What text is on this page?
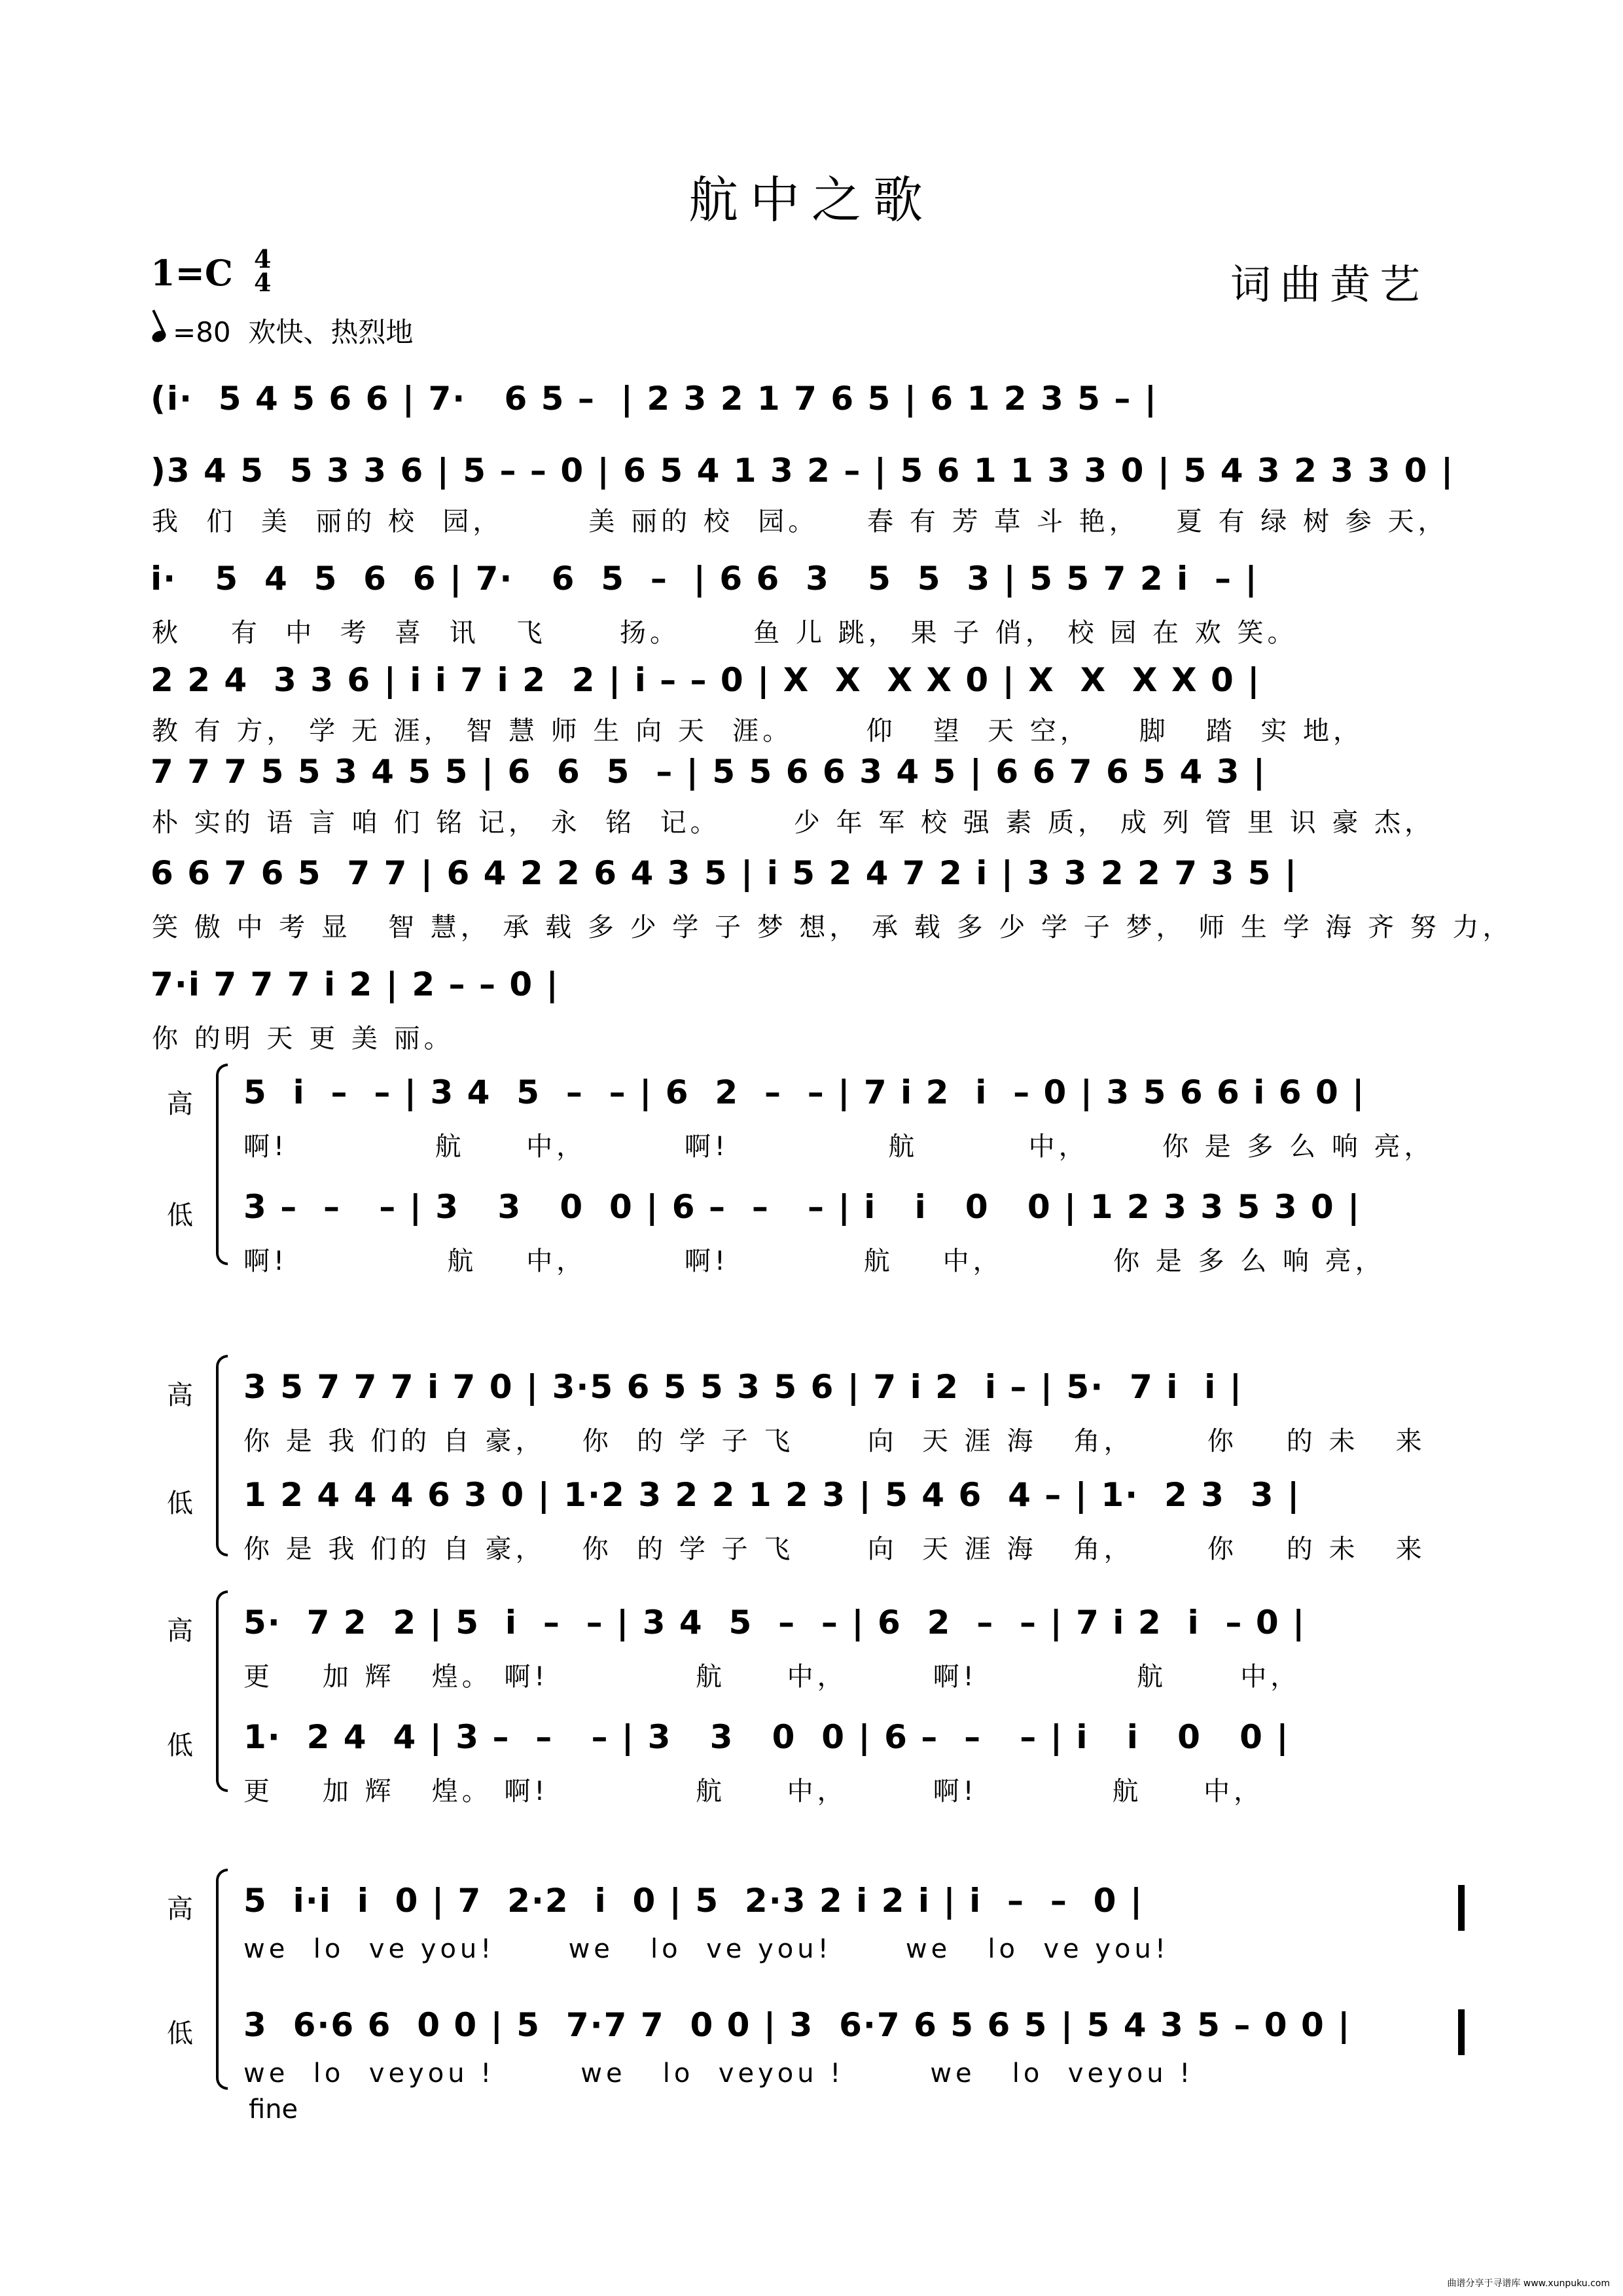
航中之歌
1=C 4
4	词曲黄艺
=80 欢快、热烈地
(i·  5 4 5 6 6 | 7·   6 5 –  | 2 3 2 1 7 6 5 | 6 1 2 3 5 – |
)3 4 5  5 3 3 6 | 5 – – 0 | 6 5 4 1 3 2 – | 5 6 1 1 3 3 0 | 5 4 3 2 3 3 0 |
我  们  美  丽的 校  园，       美 丽的 校  园。    春 有 芳 草 斗 艳，   夏 有 绿 树 参 天，
i·   5  4  5  6  6 | 7·   6  5  –  | 6 6  3   5  5  3 | 5 5 7 2 i  – |
秋    有  中  考  喜  讯   飞      扬。      鱼 儿 跳， 果 子 俏， 校 园 在 欢 笑。
2 2 4  3 3 6 | i i 7 i 2  2 | i – – 0 | X  X  X X 0 | X  X  X X 0 |
教 有 方， 学 无 涯， 智 慧 师 生 向 天  涯。      仰   望  天 空，    脚   踏  实 地，
7 7 7 5 5 3 4 5 5 | 6  6  5  – | 5 5 6 6 3 4 5 | 6 6 7 6 5 4 3 |
朴 实的 语 言 咱 们 铭 记， 永  铭  记。      少 年 军 校 强 素 质， 成 列 管 里 识 豪 杰，
6 6 7 6 5  7 7 | 6 4 2 2 6 4 3 5 | i 5 2 4 7 2 i | 3 3 2 2 7 3 5 |
笑 傲 中 考 显   智 慧， 承 载 多 少 学 子 梦 想， 承 载 多 少 学 子 梦， 师 生 学 海 齐 努 力，
7·i 7 7 7 i 2 | 2 – – 0 |
你 的明 天 更 美 丽。
高
低
5  i  –  – | 3 4  5  –  – | 6  2  –  – | 7 i 2  i  – 0 | 3 5 6 6 i 6 0 |
啊!            航     中，        啊!             航         中，      你 是 多 么 响 亮，
3 –  –   – | 3   3   0  0 | 6 –  –   – | i   i   0   0 | 1 2 3 3 5 3 0 |
啊!             航    中，        啊!           航    中，         你 是 多 么 响 亮，
高
低
3 5 7 7 7 i 7 0 | 3·5 6 5 5 3 5 6 | 7 i 2  i – | 5·  7 i  i |
你 是 我 们的 自 豪，   你  的 学 子 飞      向  天 涯 海   角，      你    的 未   来
1 2 4 4 4 6 3 0 | 1·2 3 2 2 1 2 3 | 5 4 6  4 – | 1·  2 3  3 |
你 是 我 们的 自 豪，   你  的 学 子 飞      向  天 涯 海   角，      你    的 未   来
高
低
5·  7 2  2 | 5  i  –  – | 3 4  5  –  – | 6  2  –  – | 7 i 2  i  – 0 |
更    加 辉   煌。 啊!            航     中，       啊!             航      中，
1·  2 4  4 | 3 –  –   – | 3   3   0  0 | 6 –  –   – | i   i   0   0 |
更    加 辉   煌。 啊!            航     中，       啊!           航     中，
高
低
5  i·i  i  0 | 7  2·2  i  0 | 5  2·3 2 i 2 i | i  –  –  0 |
we  lo  ve you!      we   lo  ve you!      we   lo  ve you!
3  6·6 6  0 0 | 5  7·7 7  0 0 | 3  6·7 6 5 6 5 | 5 4 3 5 – 0 0 |
we  lo  veyou !       we   lo  veyou !       we   lo  veyou !
fine
曲谱分享于寻谱库 www.xunpuku.com
